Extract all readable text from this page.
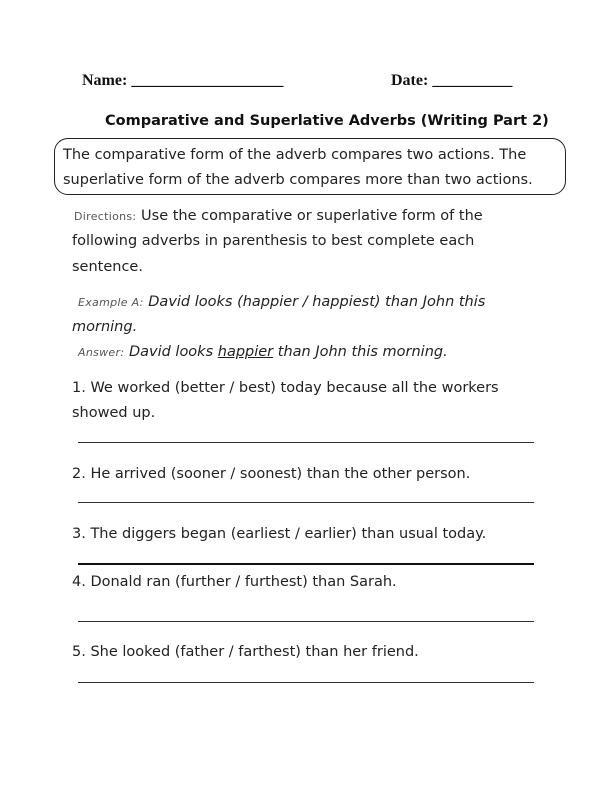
Name: ___________________	Date: __________
Comparative and Superlative Adverbs (Writing Part 2)
The comparative form of the adverb compares two actions. The
superlative form of the adverb compares more than two actions.
Directions: Use the comparative or superlative form of the
following adverbs in parenthesis to best complete each
sentence.
Example A: David looks (happier / happiest) than John this
morning.
Answer: David looks happier than John this morning.
1. We worked (better / best) today because all the workers
showed up.
2. He arrived (sooner / soonest) than the other person.
3. The diggers began (earliest / earlier) than usual today.
4. Donald ran (further / furthest) than Sarah.
5. She looked (father / farthest) than her friend.
